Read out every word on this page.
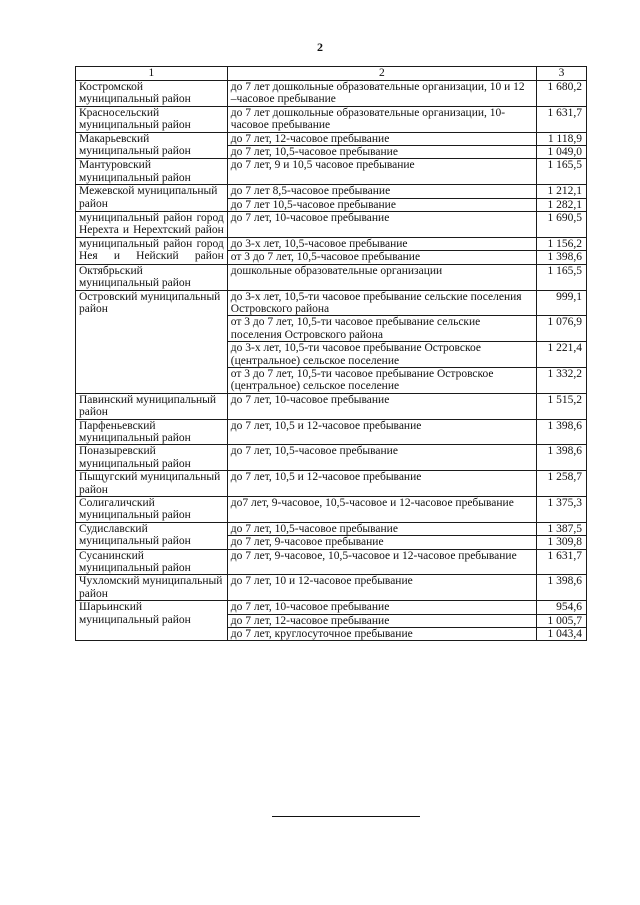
2
1	2	3
Костромской муниципальный район	до 7 лет дошкольные образовательные организации, 10 и 12 –часовое пребывание	1 680,2
Красносельский муниципальный район	до 7 лет дошкольные образовательные организации, 10-часовое пребывание	1 631,7
Макарьевский муниципальный район	до 7 лет, 12-часовое пребывание	1 118,9
	до 7 лет, 10,5-часовое пребывание	1 049,0
Мантуровский муниципальный район	до 7 лет, 9 и 10,5 часовое пребывание	1 165,5
Межевской муниципальный район	до 7 лет 8,5-часовое пребывание	1 212,1
	до 7 лет 10,5-часовое пребывание	1 282,1
муниципальный район город Нерехта и Нерехтский район	до 7 лет, 10-часовое пребывание	1 690,5
муниципальный район город Нея и Нейский район	до 3-х лет, 10,5-часовое пребывание	1 156,2
	от 3 до 7 лет, 10,5-часовое пребывание	1 398,6
Октябрьский муниципальный район	дошкольные образовательные организации	1 165,5
Островский муниципальный район	до 3-х лет, 10,5-ти часовое пребывание сельские поселения Островского района	999,1
	от 3 до 7 лет, 10,5-ти часовое пребывание сельские поселения Островского района	1 076,9
	до 3-х лет, 10,5-ти часовое пребывание Островское (центральное) сельское поселение	1 221,4
	от 3 до 7 лет, 10,5-ти часовое пребывание Островское (центральное) сельское поселение	1 332,2
Павинский муниципальный район	до 7 лет, 10-часовое пребывание	1 515,2
Парфеньевский муниципальный район	до 7 лет, 10,5 и 12-часовое пребывание	1 398,6
Поназыревский муниципальный район	до 7 лет, 10,5-часовое пребывание	1 398,6
Пыщугский муниципальный район	до 7 лет, 10,5 и 12-часовое пребывание	1 258,7
Солигаличский муниципальный район	до7 лет, 9-часовое, 10,5-часовое и 12-часовое пребывание	1 375,3
Судиславский муниципальный район	до 7 лет, 10,5-часовое пребывание	1 387,5
	до 7 лет, 9-часовое пребывание	1 309,8
Сусанинский муниципальный район	до 7 лет, 9-часовое, 10,5-часовое и 12-часовое пребывание	1 631,7
Чухломский муниципальный район	до 7 лет, 10 и 12-часовое пребывание	1 398,6
Шарьинский муниципальный район	до 7 лет, 10-часовое пребывание	954,6
	до 7 лет, 12-часовое пребывание	1 005,7
	до 7 лет, круглосуточное пребывание	1 043,4
